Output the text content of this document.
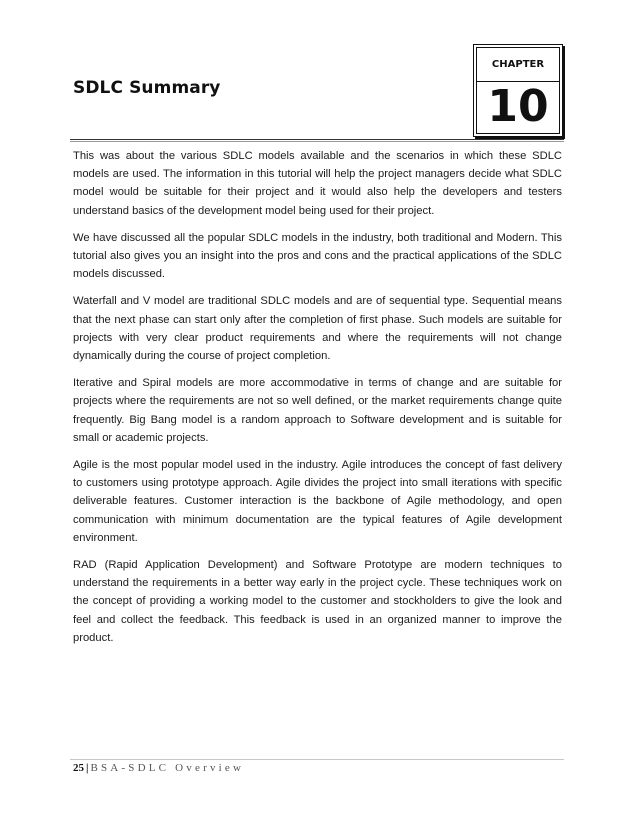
SDLC Summary
CHAPTER
10

This was about the various SDLC models available and the scenarios in which these SDLC models are used. The information in this tutorial will help the project managers decide what SDLC model would be suitable for their project and it would also help the developers and testers understand basics of the development model being used for their project.

We have discussed all the popular SDLC models in the industry, both traditional and Modern. This tutorial also gives you an insight into the pros and cons and the practical applications of the SDLC models discussed.

Waterfall and V model are traditional SDLC models and are of sequential type. Sequential means that the next phase can start only after the completion of first phase. Such models are suitable for projects with very clear product requirements and where the requirements will not change dynamically during the course of project completion.

Iterative and Spiral models are more accommodative in terms of change and are suitable for projects where the requirements are not so well defined, or the market requirements change quite frequently. Big Bang model is a random approach to Software development and is suitable for small or academic projects.

Agile is the most popular model used in the industry. Agile introduces the concept of fast delivery to customers using prototype approach. Agile divides the project into small iterations with specific deliverable features. Customer interaction is the backbone of Agile methodology, and open communication with minimum documentation are the typical features of Agile development environment.

RAD (Rapid Application Development) and Software Prototype are modern techniques to understand the requirements in a better way early in the project cycle. These techniques work on the concept of providing a working model to the customer and stockholders to give the look and feel and collect the feedback. This feedback is used in an organized manner to improve the product.

25 | BSA-SDLC Overview
